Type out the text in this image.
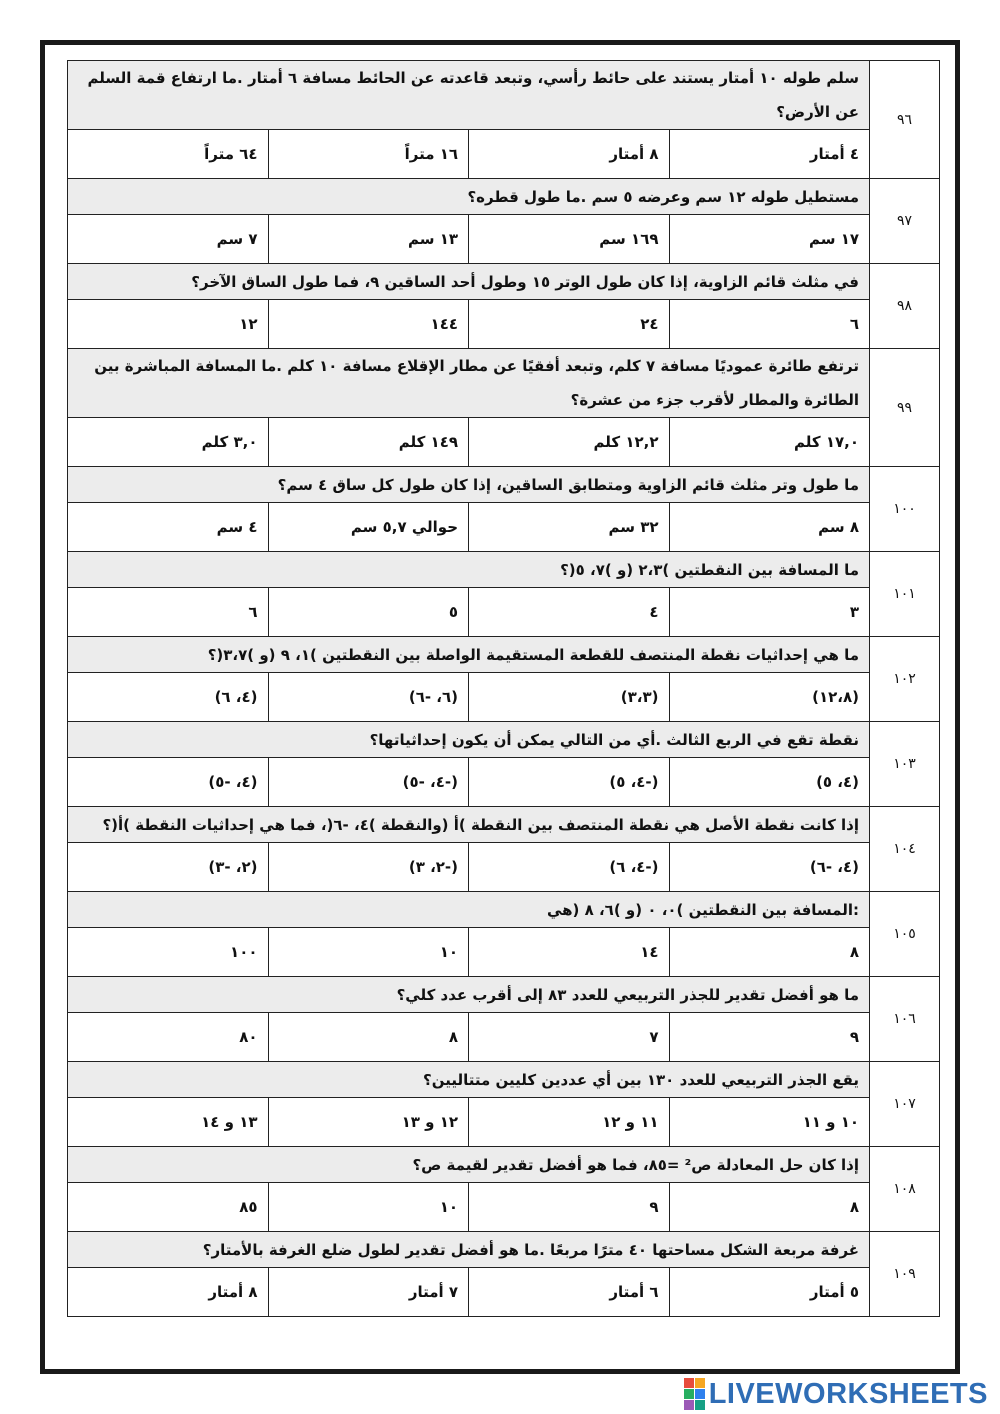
٩٦	سلم طوله ١٠ أمتار يستند على حائط رأسي، وتبعد قاعدته عن الحائط مسافة ٦ أمتار .ما ارتفاع قمة السلم عن الأرض؟			
	٤ أمتار	٨ أمتار	١٦ متراً	٦٤ متراً
٩٧	مستطيل طوله ١٢ سم وعرضه ٥ سم .ما طول قطره؟			
	١٧ سم	١٦٩ سم	١٣ سم	٧ سم
٩٨	في مثلث قائم الزاوية، إذا كان طول الوتر ١٥ وطول أحد الساقين ٩، فما طول الساق الآخر؟			
	٦	٢٤	١٤٤	١٢
٩٩	ترتفع طائرة عموديًا مسافة ٧ كلم، وتبعد أفقيًا عن مطار الإقلاع مسافة ١٠ كلم .ما المسافة المباشرة بين الطائرة والمطار لأقرب جزء من عشرة؟			
	١٧,٠ كلم	١٢,٢ كلم	١٤٩ كلم	٣,٠ كلم
١٠٠	ما طول وتر مثلث قائم الزاوية ومتطابق الساقين، إذا كان طول كل ساق ٤ سم؟			
	٨ سم	٣٢ سم	حوالي ٥,٧ سم	٤ سم
١٠١	ما المسافة بين النقطتين )٢،٣ (و )٧، ٥(؟			
	٣	٤	٥	٦
١٠٢	ما هي إحداثيات نقطة المنتصف للقطعة المستقيمة الواصلة بين النقطتين )١، ٩ (و )٣،٧(؟			
	(١٢،٨)	(٣،٣)	(٦، -٦)	(٤، ٦)
١٠٣	نقطة تقع في الربع الثالث .أي من التالي يمكن أن يكون إحداثياتها؟			
	(٤، ٥)	(-٤، ٥)	(-٤، -٥)	(٤، -٥)
١٠٤	إذا كانت نقطة الأصل هي نقطة المنتصف بين النقطة )أ (والنقطة )٤، -٦(، فما هي إحداثيات النقطة )أ(؟			
	(٤، -٦)	(-٤، ٦)	(-٢، ٣)	(٢، -٣)
١٠٥	:المسافة بين النقطتين )٠، ٠ (و )٦، ٨ (هي			
	٨	١٤	١٠	١٠٠
١٠٦	ما هو أفضل تقدير للجذر التربيعي للعدد ٨٣ إلى أقرب عدد كلي؟			
	٩	٧	٨	٨٠
١٠٧	يقع الجذر التربيعي للعدد ١٣٠ بين أي عددين كليين متتاليين؟			
	١٠ و ١١	١١ و ١٢	١٢ و ١٣	١٣ و ١٤
١٠٨	إذا كان حل المعادلة ص² =٨٥، فما هو أفضل تقدير لقيمة ص؟			
	٨	٩	١٠	٨٥
١٠٩	غرفة مربعة الشكل مساحتها ٤٠ مترًا مربعًا .ما هو أفضل تقدير لطول ضلع الغرفة بالأمتار؟			
	٥ أمتار	٦ أمتار	٧ أمتار	٨ أمتار
LIVEWORKSHEETS
